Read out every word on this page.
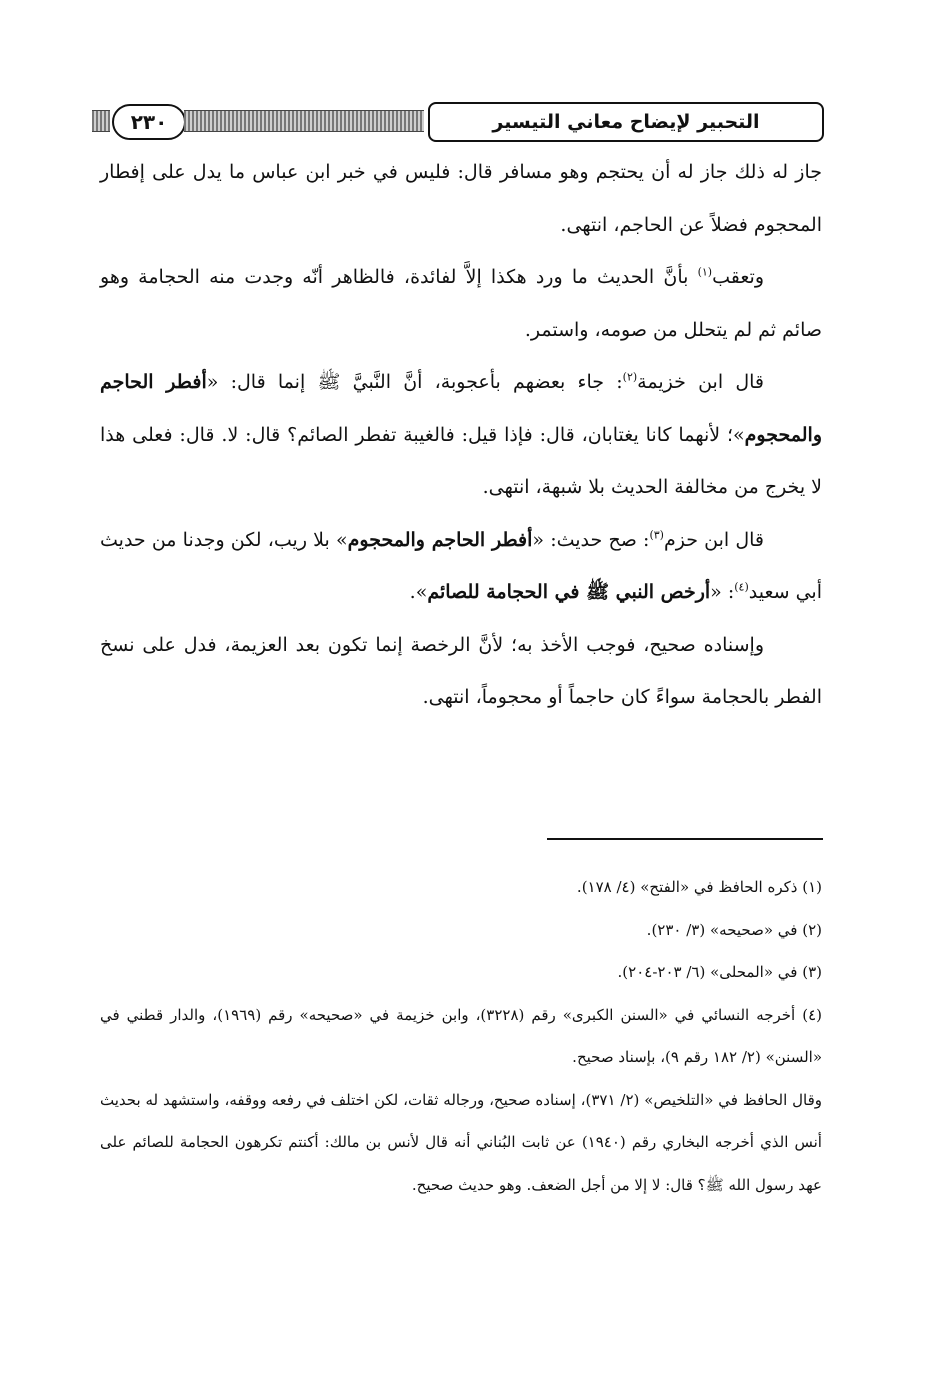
٢٣٠	التحبير لإيضاح معاني التيسير

جاز له ذلك جاز له أن يحتجم وهو مسافر قال: فليس في خبر ابن عباس ما يدل على إفطار المحجوم فضلاً عن الحاجم، انتهى.

وتعقب$^{(١)}$ بأنَّ الحديث ما ورد هكذا إلاَّ لفائدة، فالظاهر أنّه وجدت منه الحجامة وهو صائم ثم لم يتحلل من صومه، واستمر.

قال ابن خزيمة$^{(٢)}$: جاء بعضهم بأعجوبة، أنَّ النَّبيَّ ﷺ إنما قال: «أفطر الحاجم والمحجوم»؛ لأنهما كانا يغتابان، قال: فإذا قيل: فالغيبة تفطر الصائم؟ قال: لا. قال: فعلى هذا لا يخرج من مخالفة الحديث بلا شبهة، انتهى.

قال ابن حزم$^{(٣)}$: صح حديث: «أفطر الحاجم والمحجوم» بلا ريب، لكن وجدنا من حديث أبي سعيد$^{(٤)}$: «أرخص النبي ﷺ في الحجامة للصائم».

وإسناده صحيح، فوجب الأخذ به؛ لأنَّ الرخصة إنما تكون بعد العزيمة، فدل على نسخ الفطر بالحجامة سواءً كان حاجماً أو محجوماً، انتهى.

(١) ذكره الحافظ في «الفتح» (٤/ ١٧٨).

(٢) في «صحيحه» (٣/ ٢٣٠).

(٣) في «المحلى» (٦/ ٢٠٣-٢٠٤).

(٤) أخرجه النسائي في «السنن الكبرى» رقم (٣٢٢٨)، وابن خزيمة في «صحيحه» رقم (١٩٦٩)، والدار قطني في «السنن» (٢/ ١٨٢ رقم ٩)، بإسناد صحيح.

وقال الحافظ في «التلخيص» (٢/ ٣٧١)، إسناده صحيح، ورجاله ثقات، لكن اختلف في رفعه ووقفه، واستشهد له بحديث أنس الذي أخرجه البخاري رقم (١٩٤٠) عن ثابت البُناني أنه قال لأنس بن مالك: أكنتم تكرهون الحجامة للصائم على عهد رسول الله ﷺ؟ قال: لا إلا من أجل الضعف. وهو حديث صحيح.
